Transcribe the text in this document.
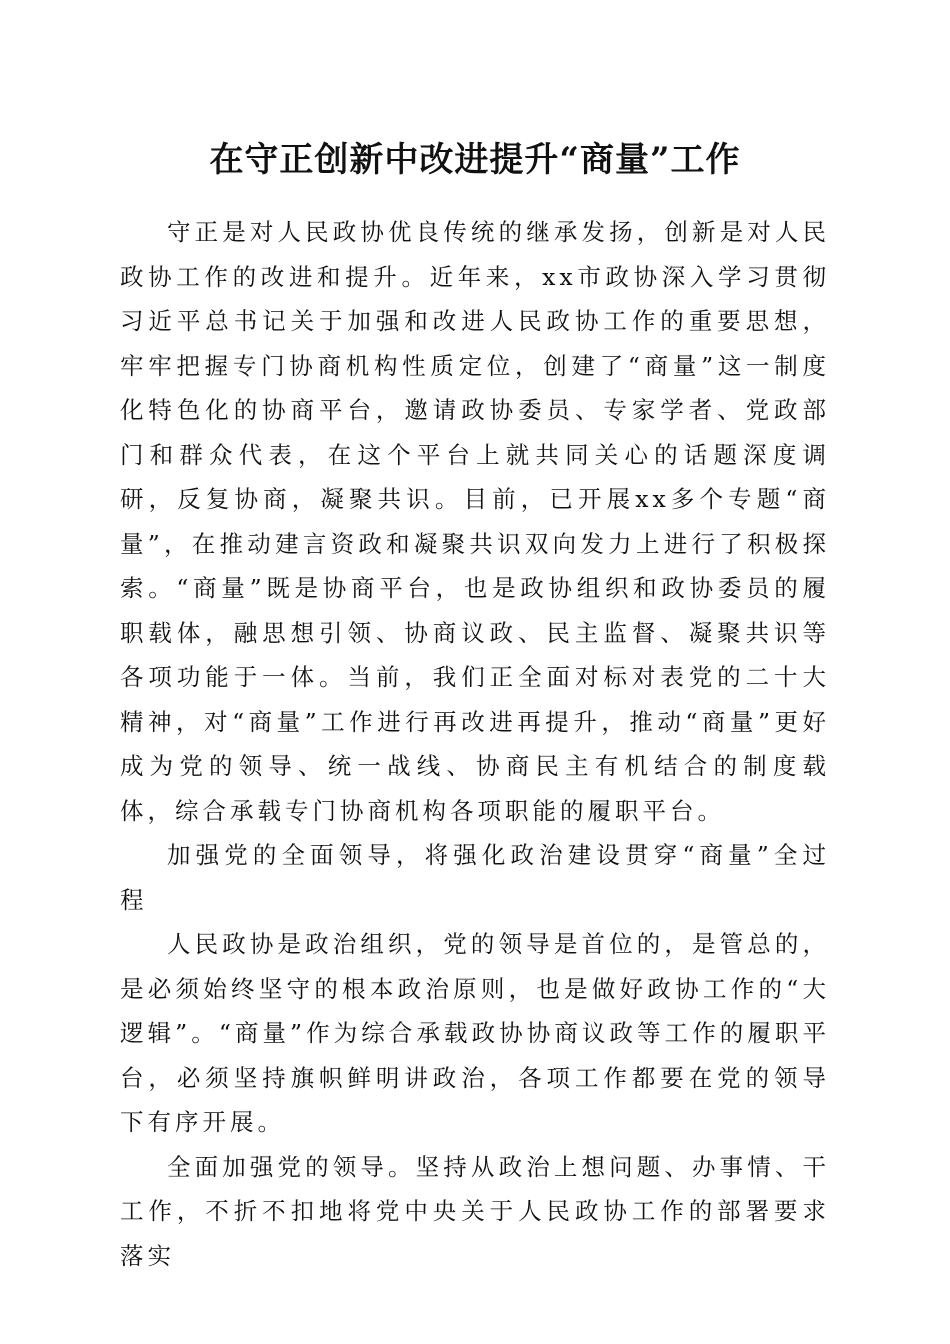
在守正创新中改进提升“商量”工作

守正是对人民政协优良传统的继承发扬，创新是对人民政协工作的改进和提升。近年来，xx市政协深入学习贯彻习近平总书记关于加强和改进人民政协工作的重要思想，牢牢把握专门协商机构性质定位，创建了“商量”这一制度化特色化的协商平台，邀请政协委员、专家学者、党政部门和群众代表，在这个平台上就共同关心的话题深度调研，反复协商，凝聚共识。目前，已开展xx多个专题“商量”，在推动建言资政和凝聚共识双向发力上进行了积极探索。“商量”既是协商平台，也是政协组织和政协委员的履职载体，融思想引领、协商议政、民主监督、凝聚共识等各项功能于一体。当前，我们正全面对标对表党的二十大精神，对“商量”工作进行再改进再提升，推动“商量”更好成为党的领导、统一战线、协商民主有机结合的制度载体，综合承载专门协商机构各项职能的履职平台。

加强党的全面领导，将强化政治建设贯穿“商量”全过程

人民政协是政治组织，党的领导是首位的，是管总的，是必须始终坚守的根本政治原则，也是做好政协工作的“大逻辑”。“商量”作为综合承载政协协商议政等工作的履职平台，必须坚持旗帜鲜明讲政治，各项工作都要在党的领导下有序开展。

全面加强党的领导。坚持从政治上想问题、办事情、干工作，不折不扣地将党中央关于人民政协工作的部署要求落实
